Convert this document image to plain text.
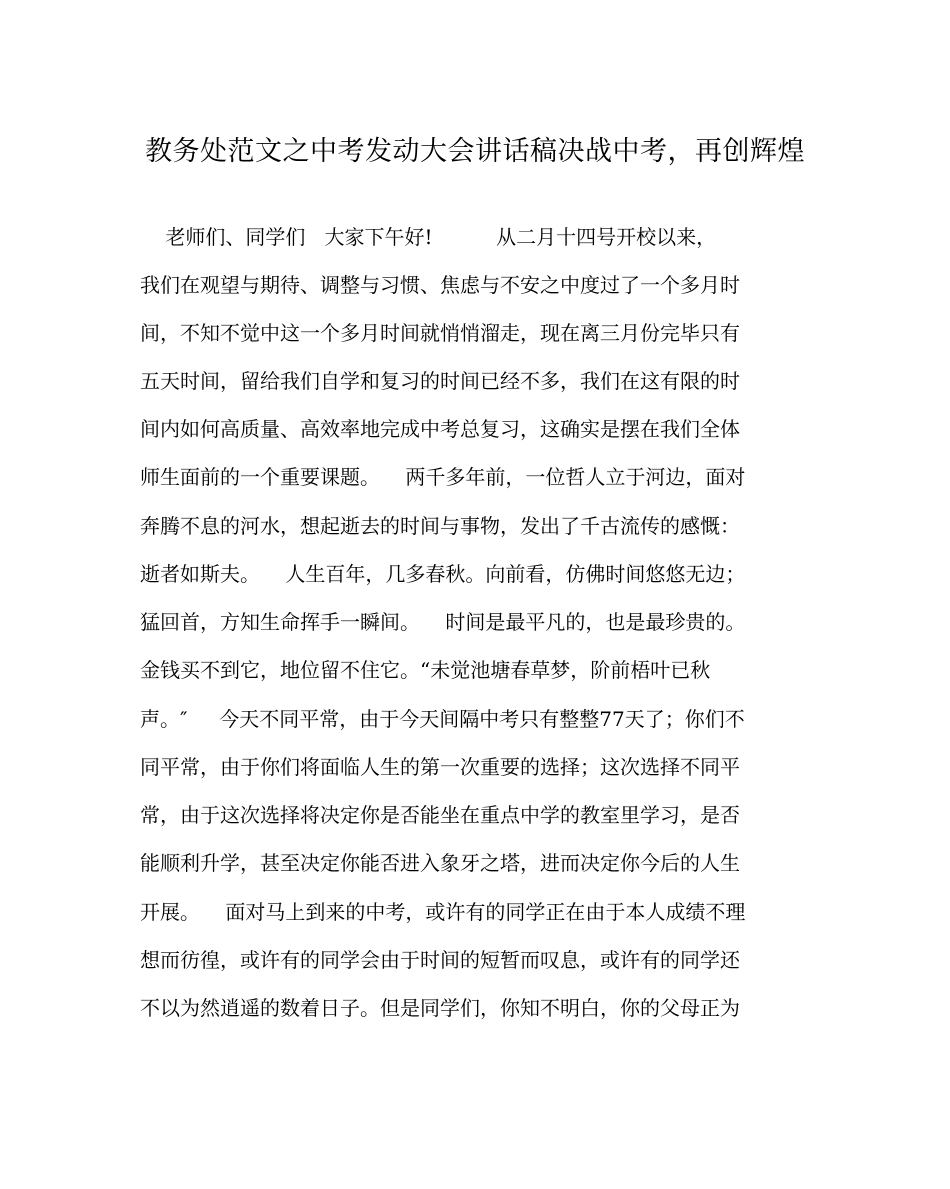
教务处范文之中考发动大会讲话稿决战中考，再创辉煌
老师们、同学们   大家下午好!          从二月十四号开校以来，
我们在观望与期待、调整与习惯、焦虑与不安之中度过了一个多月时
间，不知不觉中这一个多月时间就悄悄溜走，现在离三月份完毕只有
五天时间，留给我们自学和复习的时间已经不多，我们在这有限的时
间内如何高质量、高效率地完成中考总复习，这确实是摆在我们全体
师生面前的一个重要课题。    两千多年前，一位哲人立于河边，面对
奔腾不息的河水，想起逝去的时间与事物，发出了千古流传的感慨：
逝者如斯夫。    人生百年，几多春秋。向前看，仿佛时间悠悠无边；
猛回首，方知生命挥手一瞬间。    时间是最平凡的，也是最珍贵的。
金钱买不到它，地位留不住它。“未觉池塘春草梦，阶前梧叶已秋
声。″     今天不同平常，由于今天间隔中考只有整整77天了；你们不
同平常，由于你们将面临人生的第一次重要的选择；这次选择不同平
常，由于这次选择将决定你是否能坐在重点中学的教室里学习，是否
能顺利升学，甚至决定你能否进入象牙之塔，进而决定你今后的人生
开展。    面对马上到来的中考，或许有的同学正在由于本人成绩不理
想而彷徨，或许有的同学会由于时间的短暂而叹息，或许有的同学还
不以为然逍遥的数着日子。但是同学们，你知不明白，你的父母正为
